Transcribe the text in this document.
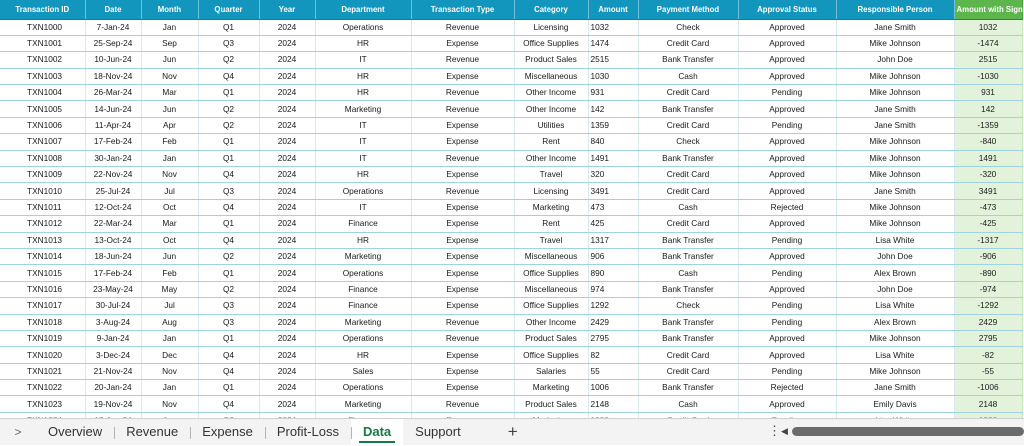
Transaction ID	Date	Month	Quarter	Year	Department	Transaction Type	Category	Amount	Payment Method	Approval Status	Responsible Person	Amount with Sign
TXN1000	7-Jan-24	Jan	Q1	2024	Operations	Revenue	Licensing	1032	Check	Approved	Jane Smith	1032
TXN1001	25-Sep-24	Sep	Q3	2024	HR	Expense	Office Supplies	1474	Credit Card	Approved	Mike Johnson	-1474
TXN1002	10-Jun-24	Jun	Q2	2024	IT	Revenue	Product Sales	2515	Bank Transfer	Approved	John Doe	2515
TXN1003	18-Nov-24	Nov	Q4	2024	HR	Expense	Miscellaneous	1030	Cash	Approved	Mike Johnson	-1030
TXN1004	26-Mar-24	Mar	Q1	2024	HR	Revenue	Other Income	931	Credit Card	Pending	Mike Johnson	931
TXN1005	14-Jun-24	Jun	Q2	2024	Marketing	Revenue	Other Income	142	Bank Transfer	Approved	Jane Smith	142
TXN1006	11-Apr-24	Apr	Q2	2024	IT	Expense	Utilities	1359	Credit Card	Pending	Jane Smith	-1359
TXN1007	17-Feb-24	Feb	Q1	2024	IT	Expense	Rent	840	Check	Approved	Mike Johnson	-840
TXN1008	30-Jan-24	Jan	Q1	2024	IT	Revenue	Other Income	1491	Bank Transfer	Approved	Mike Johnson	1491
TXN1009	22-Nov-24	Nov	Q4	2024	HR	Expense	Travel	320	Credit Card	Approved	Mike Johnson	-320
TXN1010	25-Jul-24	Jul	Q3	2024	Operations	Revenue	Licensing	3491	Credit Card	Approved	Jane Smith	3491
TXN1011	12-Oct-24	Oct	Q4	2024	IT	Expense	Marketing	473	Cash	Rejected	Mike Johnson	-473
TXN1012	22-Mar-24	Mar	Q1	2024	Finance	Expense	Rent	425	Credit Card	Approved	Mike Johnson	-425
TXN1013	13-Oct-24	Oct	Q4	2024	HR	Expense	Travel	1317	Bank Transfer	Pending	Lisa White	-1317
TXN1014	18-Jun-24	Jun	Q2	2024	Marketing	Expense	Miscellaneous	906	Bank Transfer	Approved	John Doe	-906
TXN1015	17-Feb-24	Feb	Q1	2024	Operations	Expense	Office Supplies	890	Cash	Pending	Alex Brown	-890
TXN1016	23-May-24	May	Q2	2024	Finance	Expense	Miscellaneous	974	Bank Transfer	Approved	John Doe	-974
TXN1017	30-Jul-24	Jul	Q3	2024	Finance	Expense	Office Supplies	1292	Check	Pending	Lisa White	-1292
TXN1018	3-Aug-24	Aug	Q3	2024	Marketing	Revenue	Other Income	2429	Bank Transfer	Pending	Alex Brown	2429
TXN1019	9-Jan-24	Jan	Q1	2024	Operations	Revenue	Product Sales	2795	Bank Transfer	Approved	Mike Johnson	2795
TXN1020	3-Dec-24	Dec	Q4	2024	HR	Expense	Office Supplies	82	Credit Card	Approved	Lisa White	-82
TXN1021	21-Nov-24	Nov	Q4	2024	Sales	Expense	Salaries	55	Credit Card	Pending	Mike Johnson	-55
TXN1022	20-Jan-24	Jan	Q1	2024	Operations	Expense	Marketing	1006	Bank Transfer	Rejected	Jane Smith	-1006
TXN1023	19-Nov-24	Nov	Q4	2024	Marketing	Revenue	Product Sales	2148	Cash	Approved	Emily Davis	2148

>	Overview	Revenue	Expense	Profit-Loss	Data	Support	+	⋮ ◀
